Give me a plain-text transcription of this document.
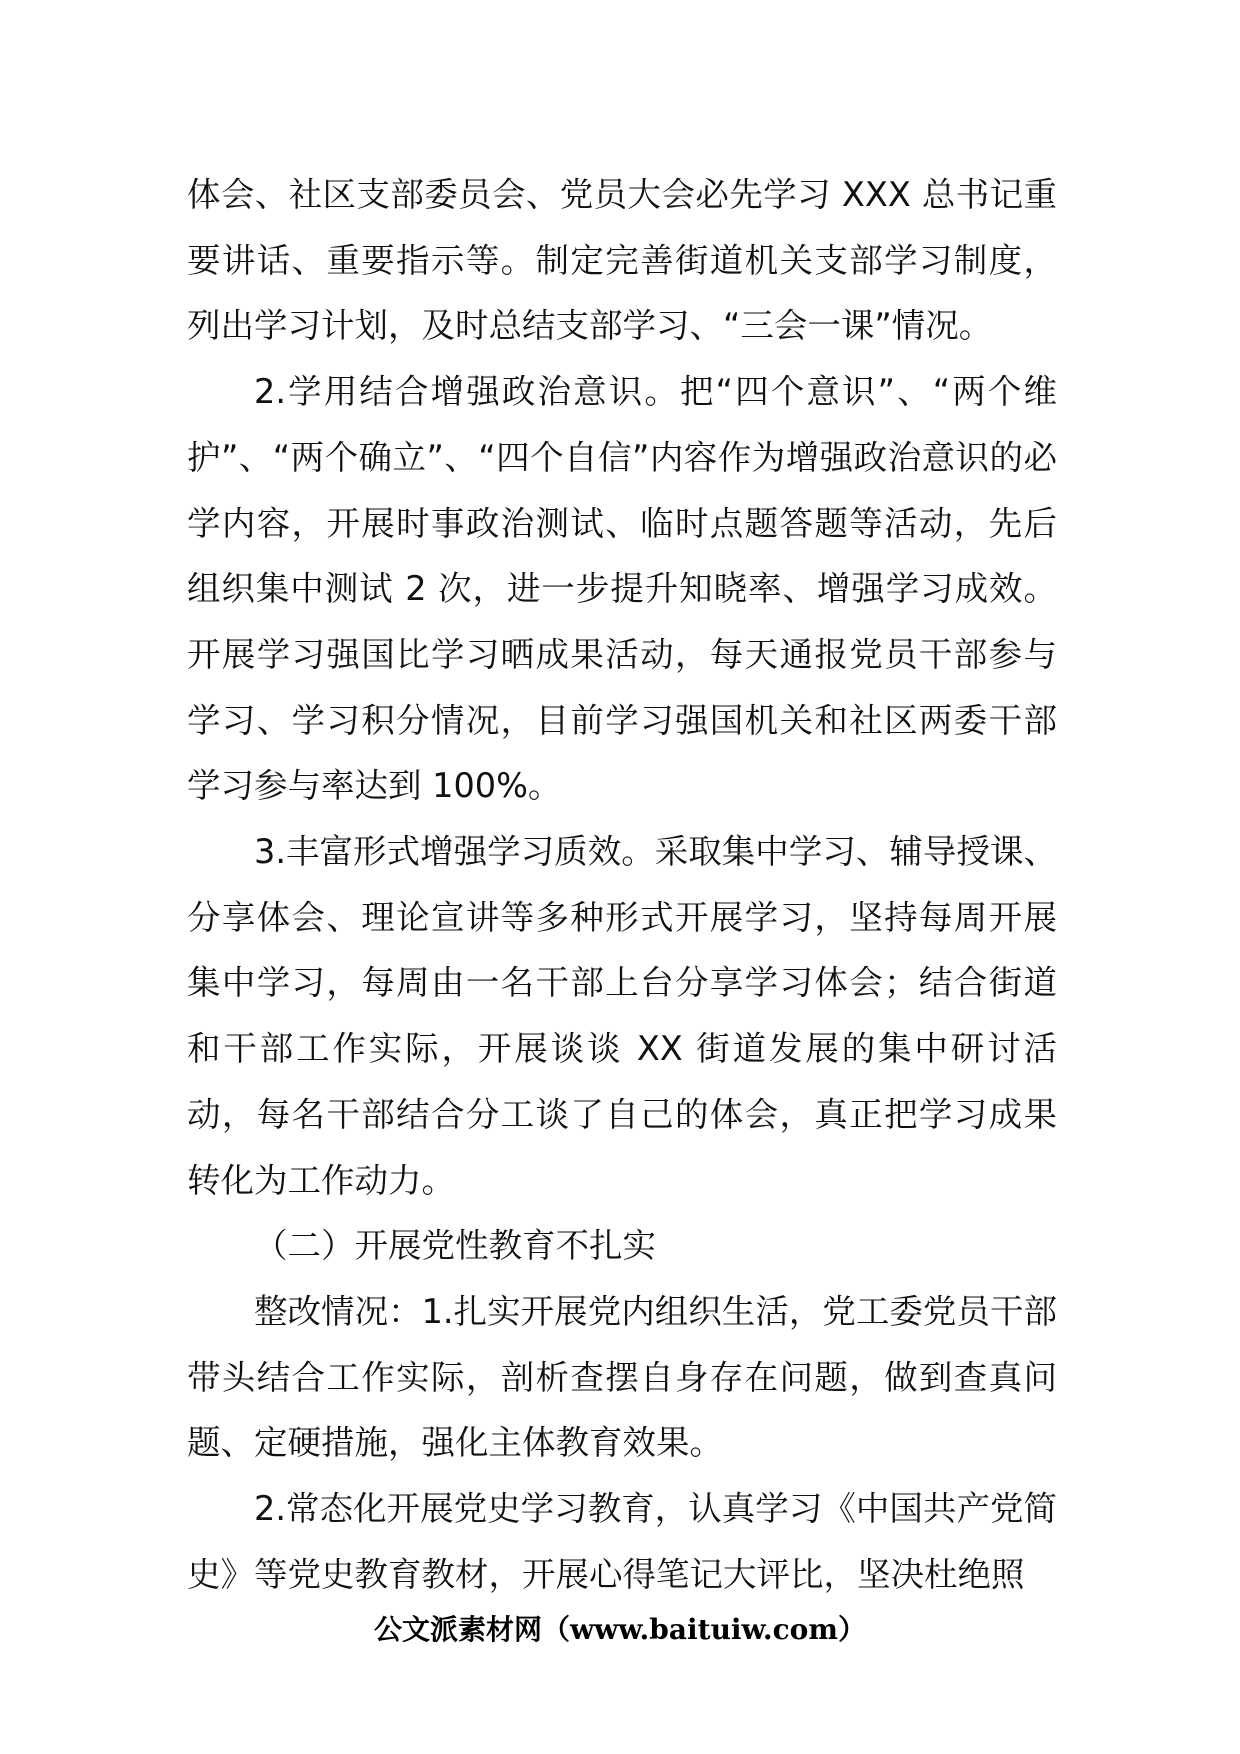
体会、社区支部委员会、党员大会必先学习 XXX 总书记重要讲话、重要指示等。制定完善街道机关支部学习制度，列出学习计划，及时总结支部学习、“三会一课”情况。

2.学用结合增强政治意识。把“四个意识”、“两个维护”、“两个确立”、“四个自信”内容作为增强政治意识的必学内容，开展时事政治测试、临时点题答题等活动，先后组织集中测试 2 次，进一步提升知晓率、增强学习成效。开展学习强国比学习晒成果活动，每天通报党员干部参与学习、学习积分情况，目前学习强国机关和社区两委干部学习参与率达到 100%。

3.丰富形式增强学习质效。采取集中学习、辅导授课、分享体会、理论宣讲等多种形式开展学习，坚持每周开展集中学习，每周由一名干部上台分享学习体会；结合街道和干部工作实际，开展谈谈 XX 街道发展的集中研讨活动，每名干部结合分工谈了自己的体会，真正把学习成果转化为工作动力。

（二）开展党性教育不扎实

整改情况：1.扎实开展党内组织生活，党工委党员干部带头结合工作实际，剖析查摆自身存在问题，做到查真问题、定硬措施，强化主体教育效果。

2.常态化开展党史学习教育，认真学习《中国共产党简史》等党史教育教材，开展心得笔记大评比，坚决杜绝照

公文派素材网（www.baituiw.com）
